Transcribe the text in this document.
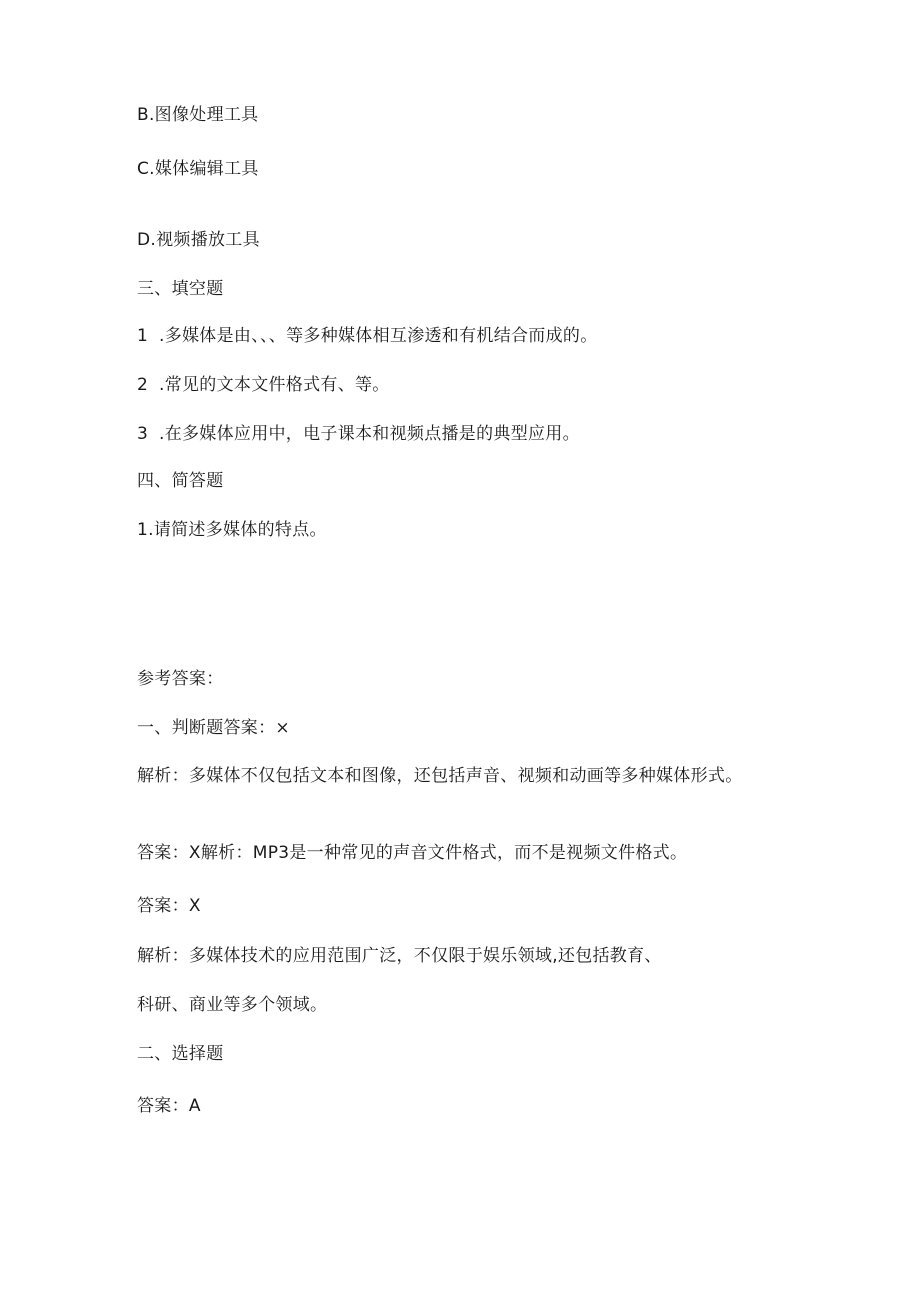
B.图像处理工具
C.媒体编辑工具
D.视频播放工具
三、填空题
1 .多媒体是由、、、等多种媒体相互渗透和有机结合而成的。
2 .常见的文本文件格式有、等。
3 .在多媒体应用中，电子课本和视频点播是的典型应用。
四、简答题
1.请简述多媒体的特点。
参考答案：
一、判断题答案：×
解析：多媒体不仅包括文本和图像，还包括声音、视频和动画等多种媒体形式。
答案：X解析：MP3是一种常见的声音文件格式，而不是视频文件格式。
答案：X
解析：多媒体技术的应用范围广泛，不仅限于娱乐领域,还包括教育、
科研、商业等多个领域。
二、选择题
答案：A
